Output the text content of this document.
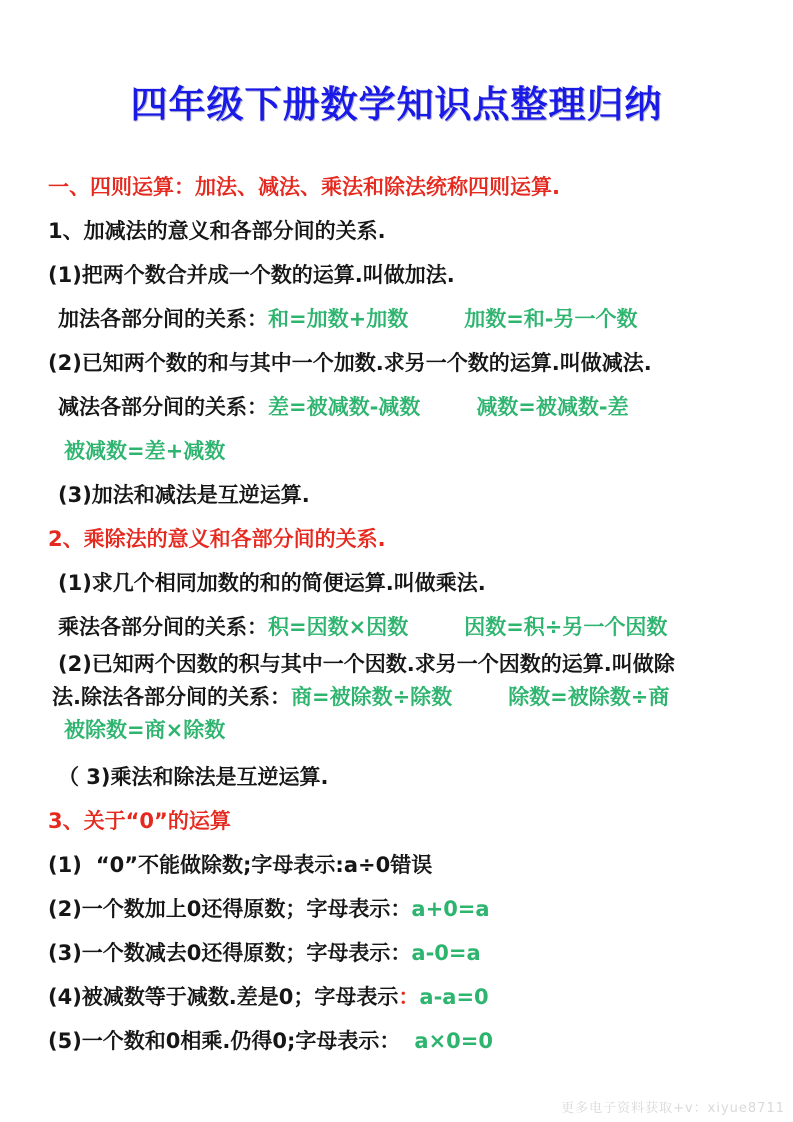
四年级下册数学知识点整理归纳

一、四则运算：加法、减法、乘法和除法统称四则运算.

1、加减法的意义和各部分间的关系.

(1)把两个数合并成一个数的运算.叫做加法.

加法各部分间的关系：和=加数+加数	加数=和-另一个数

(2)已知两个数的和与其中一个加数.求另一个数的运算.叫做减法.

减法各部分间的关系：差=被减数-减数	减数=被减数-差

被减数=差+减数

(3)加法和减法是互逆运算.

2、乘除法的意义和各部分间的关系.

(1)求几个相同加数的和的简便运算.叫做乘法.

乘法各部分间的关系：积=因数×因数	因数=积÷另一个因数

(2)已知两个因数的积与其中一个因数.求另一个因数的运算.叫做除

法.除法各部分间的关系：商=被除数÷除数	除数=被除数÷商

被除数=商×除数

（ 3)乘法和除法是互逆运算.

3、关于“0”的运算

(1) “0”不能做除数;字母表示:a÷0错误

(2)一个数加上0还得原数；字母表示：a+0=a

(3)一个数减去0还得原数；字母表示：a-0=a

(4)被减数等于减数.差是0；字母表示：a-a=0

(5)一个数和0相乘.仍得0;字母表示： a×0=0

更多电子资料获取+v：xiyue8711
